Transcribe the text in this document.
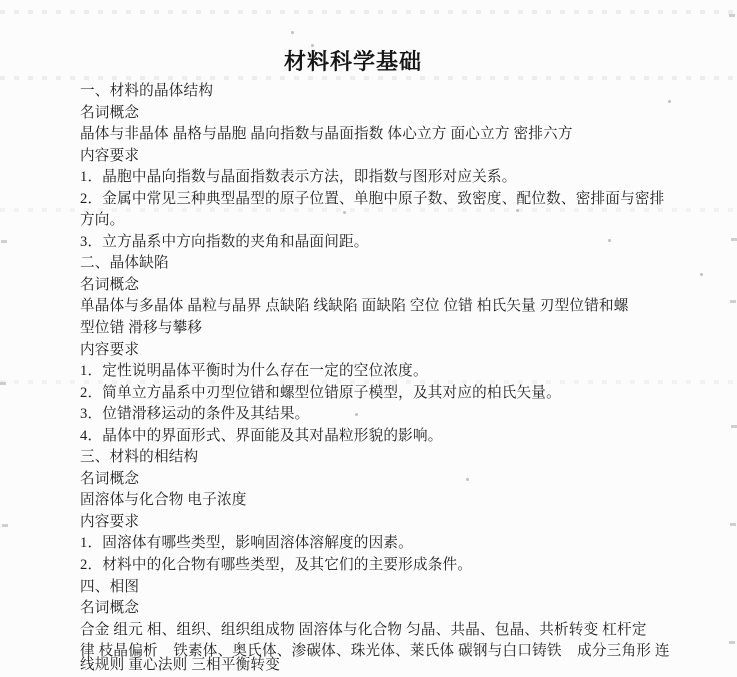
材料科学基础
一、材料的晶体结构
名词概念
晶体与非晶体 晶格与晶胞 晶向指数与晶面指数 体心立方 面心立方 密排六方
内容要求
1．晶胞中晶向指数与晶面指数表示方法，即指数与图形对应关系。
2．金属中常见三种典型晶型的原子位置、单胞中原子数、致密度、配位数、密排面与密排
方向。
3．立方晶系中方向指数的夹角和晶面间距。
二、晶体缺陷
名词概念
单晶体与多晶体 晶粒与晶界 点缺陷 线缺陷 面缺陷 空位 位错 柏氏矢量 刃型位错和螺
型位错 滑移与攀移
内容要求
1．定性说明晶体平衡时为什么存在一定的空位浓度。
2．简单立方晶系中刃型位错和螺型位错原子模型，及其对应的柏氏矢量。
3．位错滑移运动的条件及其结果。
4．晶体中的界面形式、界面能及其对晶粒形貌的影响。
三、材料的相结构
名词概念
固溶体与化合物 电子浓度
内容要求
1．固溶体有哪些类型，影响固溶体溶解度的因素。
2．材料中的化合物有哪些类型，及其它们的主要形成条件。
四、相图
名词概念
合金 组元 相、组织、组织组成物 固溶体与化合物 匀晶、共晶、包晶、共析转变 杠杆定
律 枝晶偏析    铁素体、奥氏体、渗碳体、珠光体、莱氏体 碳钢与白口铸铁    成分三角形 连
线规则 重心法则 三相平衡转变
